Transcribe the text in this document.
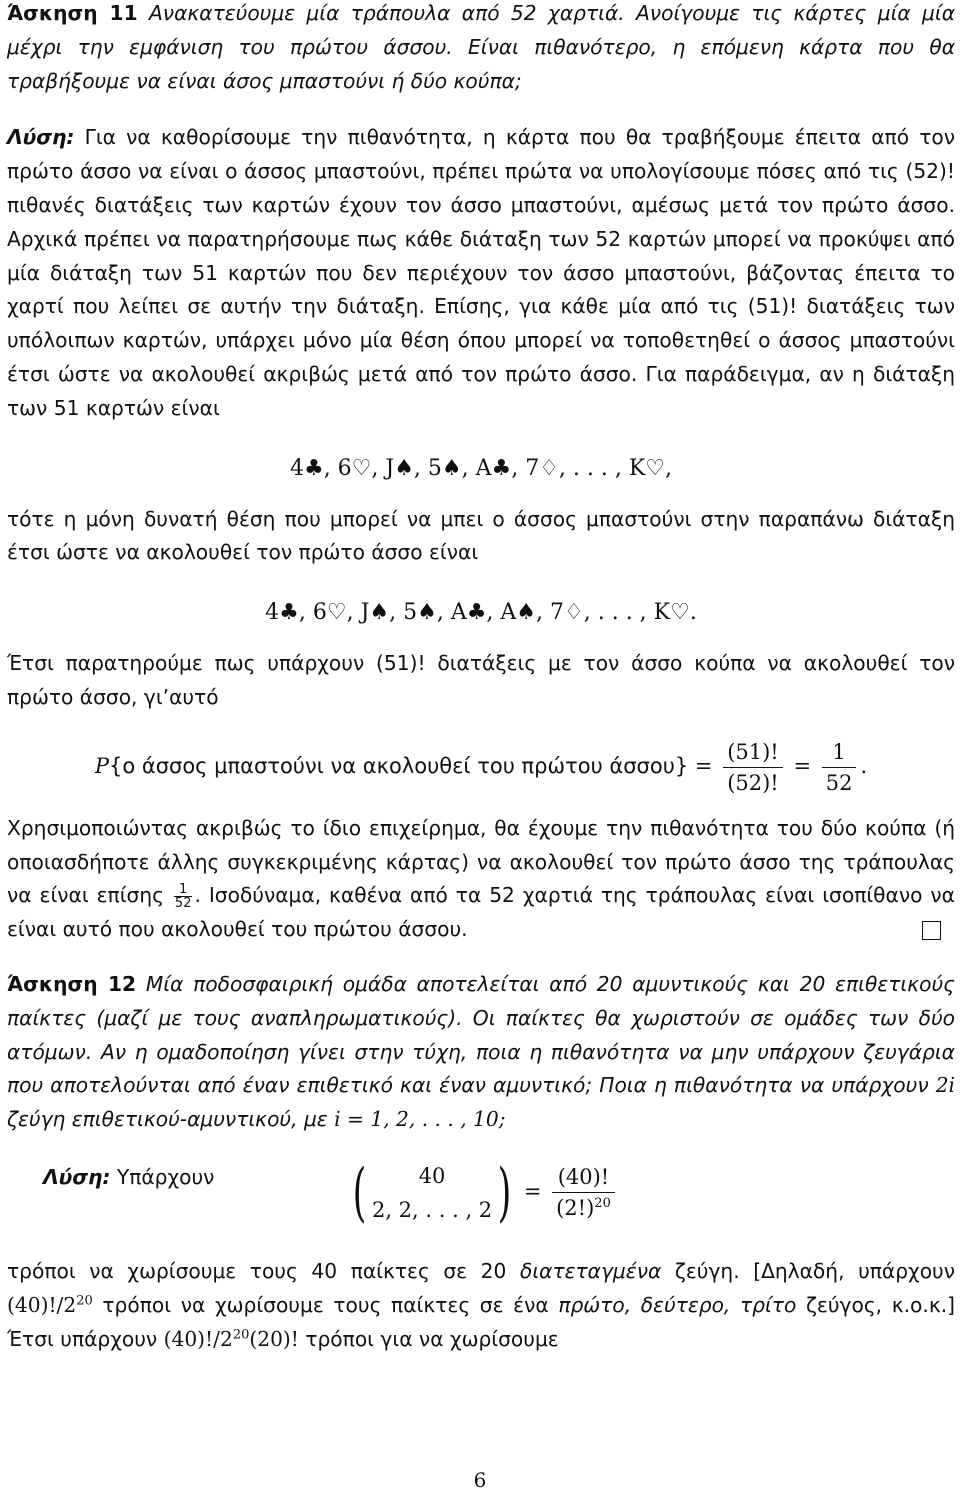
Άσκηση 11 Ανακατεύουμε μία τράπουλα από 52 χαρτιά. Ανοίγουμε τις κάρτες μία μία μέχρι την εμφάνιση του πρώτου άσσου. Είναι πιθανότερο, η επόμενη κάρτα που θα τραβήξουμε να είναι άσος μπαστούνι ή δύο κούπα;

Λύση: Για να καθορίσουμε την πιθανότητα, η κάρτα που θα τραβήξουμε έπειτα από τον πρώτο άσσο να είναι ο άσσος μπαστούνι, πρέπει πρώτα να υπολογίσουμε πόσες από τις (52)! πιθανές διατάξεις των καρτών έχουν τον άσσο μπαστούνι, αμέσως μετά τον πρώτο άσσο. Αρχικά πρέπει να παρατηρήσουμε πως κάθε διάταξη των 52 καρτών μπορεί να προκύψει από μία διάταξη των 51 καρτών που δεν περιέχουν τον άσσο μπαστούνι, βάζοντας έπειτα το χαρτί που λείπει σε αυτήν την διάταξη. Επίσης, για κάθε μία από τις (51)! διατάξεις των υπόλοιπων καρτών, υπάρχει μόνο μία θέση όπου μπορεί να τοποθετηθεί ο άσσος μπαστούνι έτσι ώστε να ακολουθεί ακριβώς μετά από τον πρώτο άσσο. Για παράδειγμα, αν η διάταξη των 51 καρτών είναι

4♣, 6♡, J♠, 5♠, A♣, 7♢, . . . , K♡,

τότε η μόνη δυνατή θέση που μπορεί να μπει ο άσσος μπαστούνι στην παραπάνω διάταξη έτσι ώστε να ακολουθεί τον πρώτο άσσο είναι

4♣, 6♡, J♠, 5♠, A♣, A♠, 7♢, . . . , K♡.

Έτσι παρατηρούμε πως υπάρχουν (51)! διατάξεις με τον άσσο κούπα να ακολουθεί τον πρώτο άσσο, γι’αυτό

P{ο άσσος μπαστούνι να ακολουθεί του πρώτου $ά\sigma\sigma o\upsilon\} = \frac{(51)!}{(52)!} = \frac{1}{52}$ .

Χρησιμοποιώντας ακριβώς το ίδιο επιχείρημα, θα έχουμε την πιθανότητα του δύο κούπα (ή οποιασδήποτε άλλης συγκεκριμένης κάρτας) να ακολουθεί τον πρώτο άσσο της τράπουλας να είναι επίσης $\frac{1}{52}$ . Ισοδύναμα, καθένα από τα 52 χαρτιά της τράπουλας είναι ισοπίθανο να είναι αυτό που ακολουθεί του πρώτου άσσου.

Άσκηση 12 Μία ποδοσφαιρική ομάδα αποτελείται από 20 αμυντικούς και 20 επιθετικούς παίκτες (μαζί με τους αναπληρωματικούς). Οι παίκτες θα χωριστούν σε ομάδες των δύο ατόμων. Αν η ομαδοποίηση γίνει στην τύχη, ποια η πιθανότητα να μην υπάρχουν ζευγάρια που αποτελούνται από έναν επιθετικό και έναν αμυντικό; Ποια η πιθανότητα να υπάρχουν 2i ζεύγη επιθετικού-αμυντικού, με i = 1, 2, . . . , 10;

Λύση: Υπάρχουν (	40
2, 2, . . . , 2 ) = $\frac{(40)!}{(2!)^{20}}$

τρόποι να χωρίσουμε τους 40 παίκτες σε 20 διατεταγμένα ζεύγη. [Δηλαδή, υπάρχουν $(40)!/2^{20}$ τρόποι να χωρίσουμε τους παίκτες σε ένα πρώτο, δεύτερο, τρίτο ζεύγος, κ.ο.κ.] Έτσι υπάρχουν $(40)!/2^{20}(20)$! τρόποι για να χωρίσουμε

6
